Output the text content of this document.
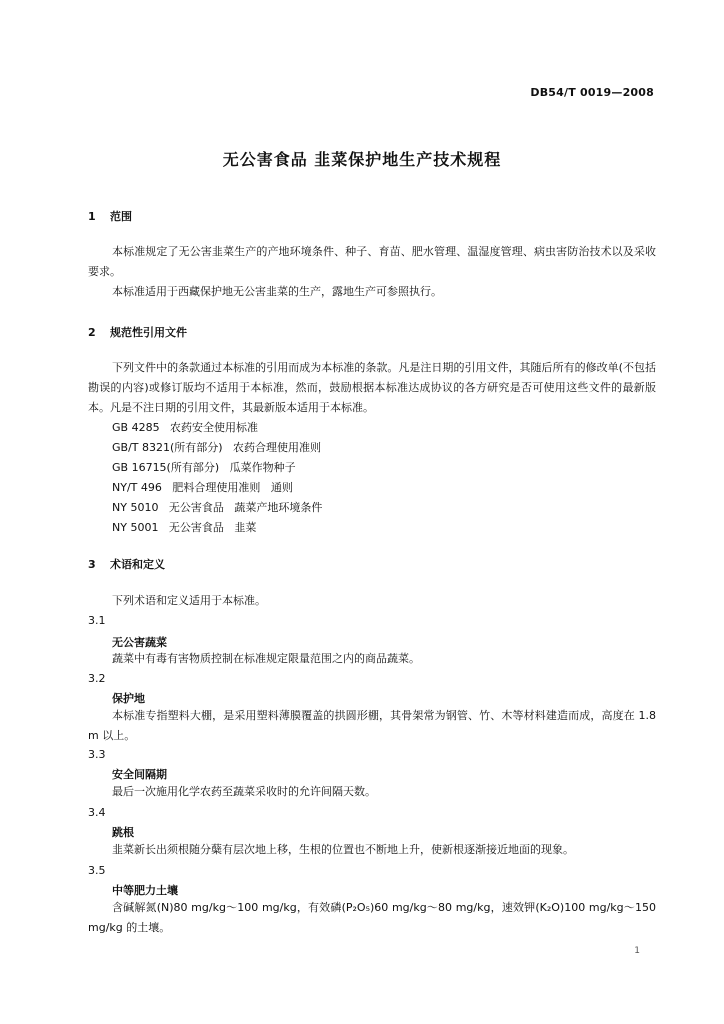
DB54/T 0019—2008
无公害食品 韭菜保护地生产技术规程
1 范围

本标准规定了无公害韭菜生产的产地环境条件、种子、育苗、肥水管理、温湿度管理、病虫害防治技术以及采收要求。

本标准适用于西藏保护地无公害韭菜的生产，露地生产可参照执行。

2 规范性引用文件

下列文件中的条款通过本标准的引用而成为本标准的条款。凡是注日期的引用文件，其随后所有的修改单(不包括勘误的内容)或修订版均不适用于本标准，然而，鼓励根据本标准达成协议的各方研究是否可使用这些文件的最新版本。凡是不注日期的引用文件，其最新版本适用于本标准。

GB 4285   农药安全使用标准
GB/T 8321(所有部分)   农药合理使用准则
GB 16715(所有部分)   瓜菜作物种子
NY/T 496   肥料合理使用准则   通则
NY 5010   无公害食品   蔬菜产地环境条件
NY 5001   无公害食品   韭菜
3 术语和定义

下列术语和定义适用于本标准。

3.1
无公害蔬菜

蔬菜中有毒有害物质控制在标准规定限量范围之内的商品蔬菜。

3.2
保护地

本标准专指塑料大棚，是采用塑料薄膜覆盖的拱圆形棚，其骨架常为钢管、竹、木等材料建造而成，高度在 1.8 m 以上。

3.3
安全间隔期

最后一次施用化学农药至蔬菜采收时的允许间隔天数。

3.4
跳根

韭菜新长出须根随分蘖有层次地上移，生根的位置也不断地上升，使新根逐渐接近地面的现象。

3.5
中等肥力土壤

含碱解氮(N)80 mg/kg～100 mg/kg，有效磷(P₂O₅)60 mg/kg～80 mg/kg，速效钾(K₂O)100 mg/kg～150 mg/kg 的土壤。

1
